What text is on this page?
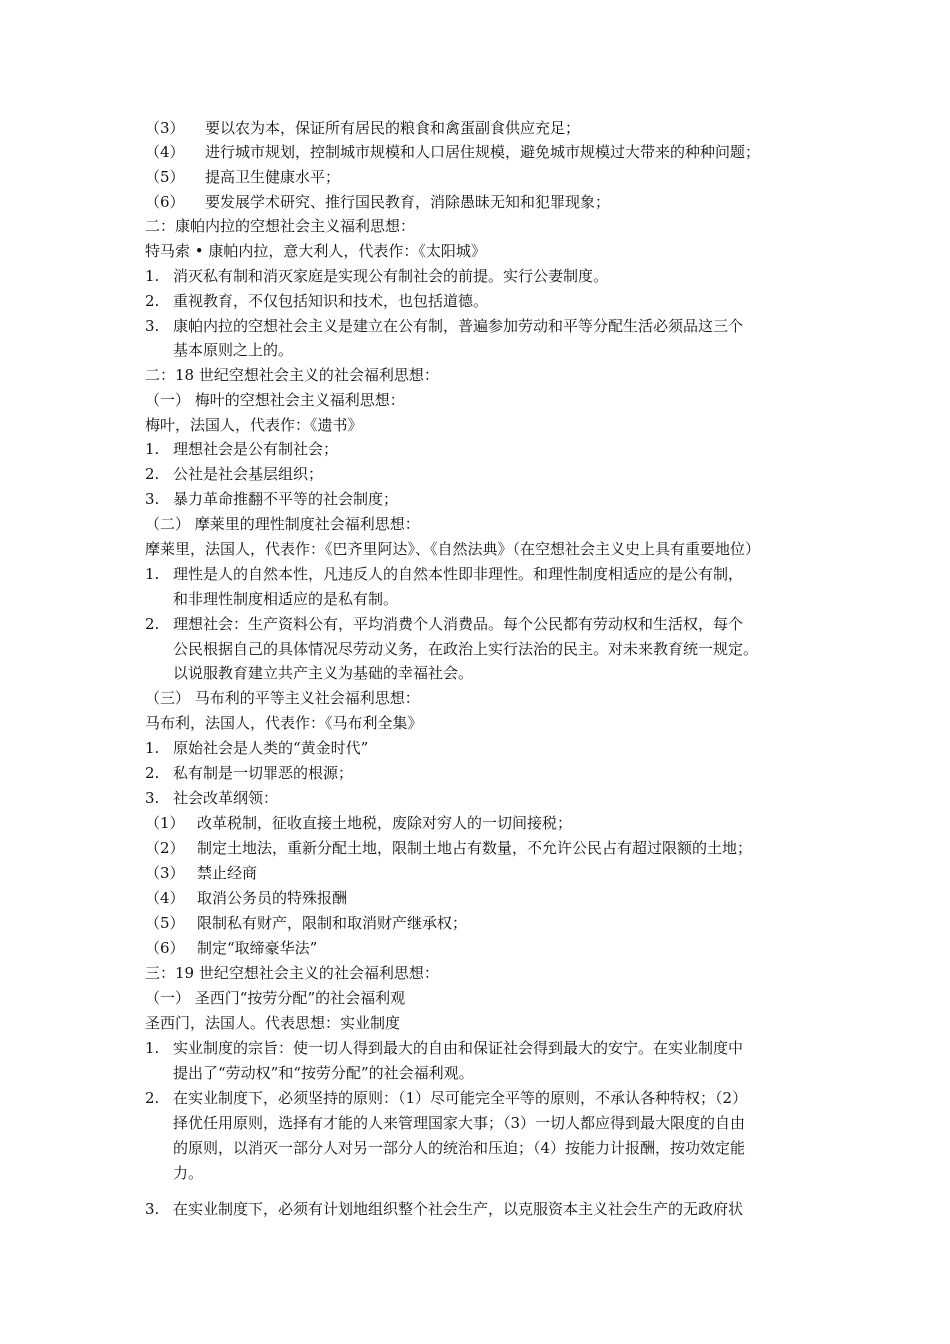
（3） 要以农为本，保证所有居民的粮食和禽蛋副食供应充足；
（4） 进行城市规划，控制城市规模和人口居住规模，避免城市规模过大带来的种种问题；
（5） 提高卫生健康水平；
（6） 要发展学术研究、推行国民教育，消除愚昧无知和犯罪现象；
二：康帕内拉的空想社会主义福利思想：
特马索 • 康帕内拉，意大利人，代表作：《太阳城》
1. 消灭私有制和消灭家庭是实现公有制社会的前提。实行公妻制度。
2. 重视教育，不仅包括知识和技术，也包括道德。
3. 康帕内拉的空想社会主义是建立在公有制，普遍参加劳动和平等分配生活必须品这三个
基本原则之上的。
二：18 世纪空想社会主义的社会福利思想：
（一） 梅叶的空想社会主义福利思想：
梅叶，法国人，代表作：《遗书》
1. 理想社会是公有制社会；
2. 公社是社会基层组织；
3. 暴力革命推翻不平等的社会制度；
（二） 摩莱里的理性制度社会福利思想：
摩莱里，法国人，代表作：《巴齐里阿达》、《自然法典》（在空想社会主义史上具有重要地位）
1. 理性是人的自然本性，凡违反人的自然本性即非理性。和理性制度相适应的是公有制，
和非理性制度相适应的是私有制。
2. 理想社会：生产资料公有，平均消费个人消费品。每个公民都有劳动权和生活权，每个
公民根据自己的具体情况尽劳动义务，在政治上实行法治的民主。对未来教育统一规定。
以说服教育建立共产主义为基础的幸福社会。
（三） 马布利的平等主义社会福利思想：
马布利，法国人，代表作：《马布利全集》
1. 原始社会是人类的“黄金时代”
2. 私有制是一切罪恶的根源；
3. 社会改革纲领：
（1） 改革税制，征收直接土地税，废除对穷人的一切间接税；
（2） 制定土地法，重新分配土地，限制土地占有数量，不允许公民占有超过限额的土地；
（3） 禁止经商
（4） 取消公务员的特殊报酬
（5） 限制私有财产，限制和取消财产继承权；
（6） 制定“取缔豪华法”
三：19 世纪空想社会主义的社会福利思想：
（一） 圣西门“按劳分配”的社会福利观
圣西门，法国人。代表思想：实业制度
1. 实业制度的宗旨：使一切人得到最大的自由和保证社会得到最大的安宁。在实业制度中
提出了“劳动权”和“按劳分配”的社会福利观。
2. 在实业制度下，必须坚持的原则：（1）尽可能完全平等的原则，不承认各种特权；（2）
择优任用原则，选择有才能的人来管理国家大事；（3）一切人都应得到最大限度的自由
的原则，以消灭一部分人对另一部分人的统治和压迫；（4）按能力计报酬，按功效定能
力。
3. 在实业制度下，必须有计划地组织整个社会生产，以克服资本主义社会生产的无政府状
